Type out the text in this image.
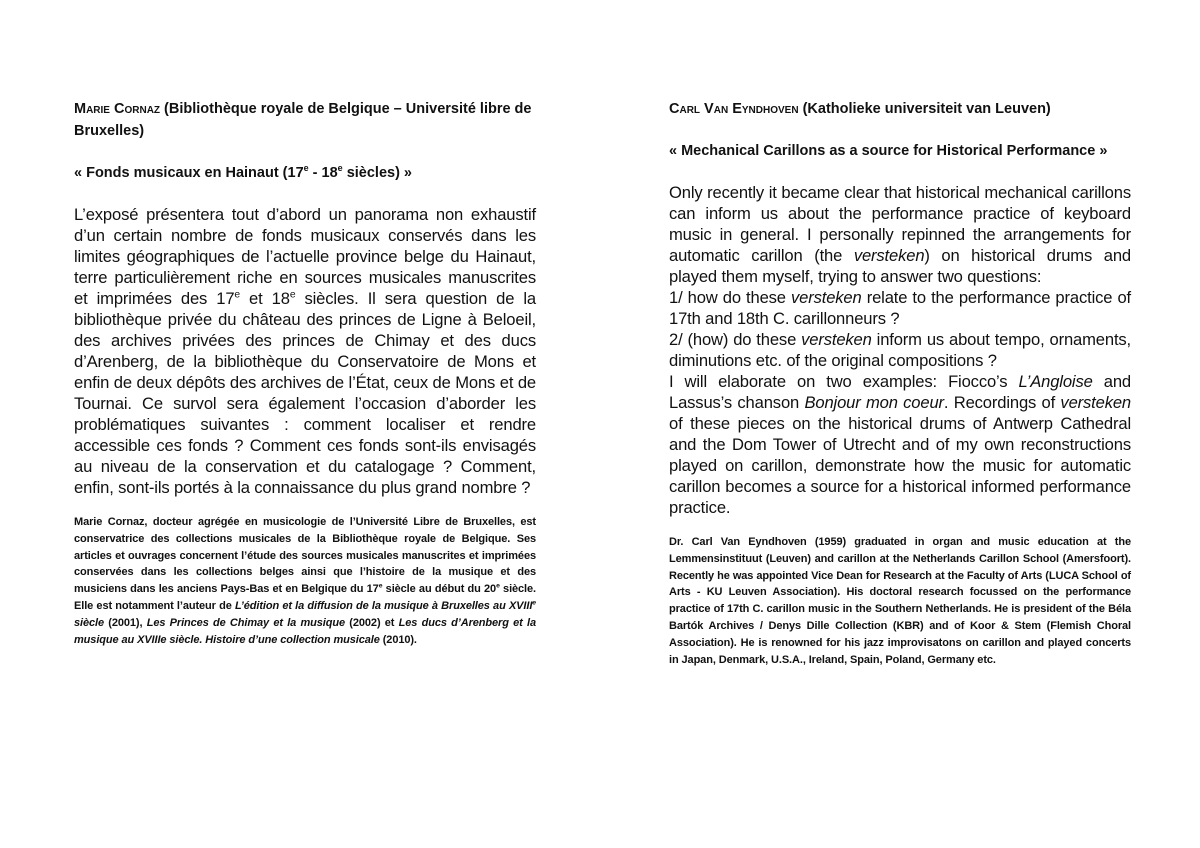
Marie Cornaz (Bibliothèque royale de Belgique – Université libre de Bruxelles)

« Fonds musicaux en Hainaut (17e - 18e siècles) »

L’exposé présentera tout d’abord un panorama non exhaustif d’un certain nombre de fonds musicaux conservés dans les limites géographiques de l’actuelle province belge du Hainaut, terre particulièrement riche en sources musicales manuscrites et imprimées des 17e et 18e siècles. Il sera question de la bibliothèque privée du château des princes de Ligne à Beloeil, des archives privées des princes de Chimay et des ducs d’Arenberg, de la bibliothèque du Conservatoire de Mons et enfin de deux dépôts des archives de l’État, ceux de Mons et de Tournai. Ce survol sera également l’occasion d’aborder les problématiques suivantes : comment localiser et rendre accessible ces fonds ? Comment ces fonds sont-ils envisagés au niveau de la conservation et du catalogage ? Comment, enfin, sont-ils portés à la connaissance du plus grand nombre ?

Marie Cornaz, docteur agrégée en musicologie de l’Université Libre de Bruxelles, est conservatrice des collections musicales de la Bibliothèque royale de Belgique. Ses articles et ouvrages concernent l’étude des sources musicales manuscrites et imprimées conservées dans les collections belges ainsi que l’histoire de la musique et des musiciens dans les anciens Pays-Bas et en Belgique du 17e siècle au début du 20e siècle. Elle est notamment l’auteur de L’édition et la diffusion de la musique à Bruxelles au XVIIIe siècle (2001), Les Princes de Chimay et la musique (2002) et Les ducs d’Arenberg et la musique au XVIIIe siècle. Histoire d’une collection musicale (2010).

Carl Van Eyndhoven (Katholieke universiteit van Leuven)

« Mechanical Carillons as a source for Historical Performance »

Only recently it became clear that historical mechanical carillons can inform us about the performance practice of keyboard music in general. I personally repinned the arrangements for automatic carillon (the versteken) on historical drums and played them myself, trying to answer two questions:

1/ how do these versteken relate to the performance practice of 17th and 18th C. carillonneurs ?

2/ (how) do these versteken inform us about tempo, ornaments, diminutions etc. of the original compositions ?

I will elaborate on two examples: Fiocco’s L’Angloise and Lassus’s chanson Bonjour mon coeur. Recordings of versteken of these pieces on the historical drums of Antwerp Cathedral and the Dom Tower of Utrecht and of my own reconstructions played on carillon, demonstrate how the music for automatic carillon becomes a source for a historical informed performance practice.

Dr. Carl Van Eyndhoven (1959) graduated in organ and music education at the Lemmensinstituut (Leuven) and carillon at the Netherlands Carillon School (Amersfoort). Recently he was appointed Vice Dean for Research at the Faculty of Arts (LUCA School of Arts - KU Leuven Association). His doctoral research focussed on the performance practice of 17th C. carillon music in the Southern Netherlands. He is president of the Béla Bartók Archives / Denys Dille Collection (KBR) and of Koor & Stem (Flemish Choral Association). He is renowned for his jazz improvisatons on carillon and played concerts in Japan, Denmark, U.S.A., Ireland, Spain, Poland, Germany etc.
